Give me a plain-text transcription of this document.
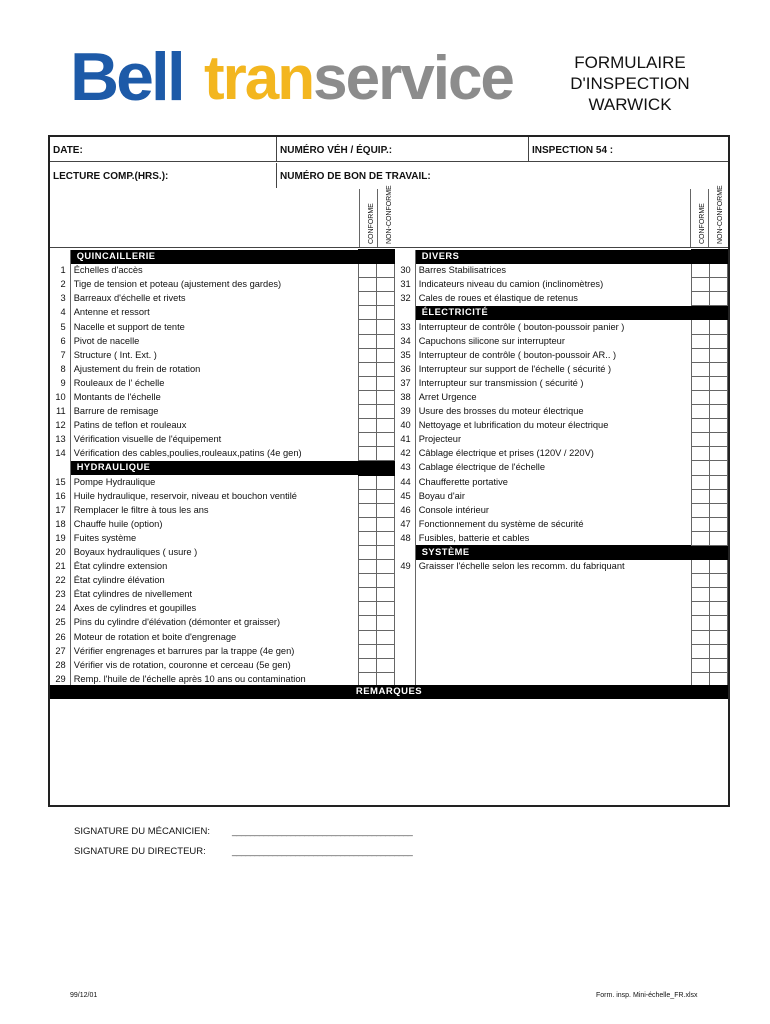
Bell transervice	FORMULAIRE
D'INSPECTION
WARWICK
DATE:	NUMÉRO VÉH / ÉQUIP.:	INSPECTION 54 :
LECTURE COMP.(HRS.):	NUMÉRO DE BON DE TRAVAIL:
CONFORME NON-CONFORME	CONFORME NON-CONFORME
	QUINCAILLERIE		
1	Échelles d'accès		
2	Tige de tension et poteau (ajustement des gardes)		
3	Barreaux d'échelle et rivets		
4	Antenne et ressort		
5	Nacelle et support de tente		
6	Pivot de nacelle		
7	Structure ( Int. Ext. )		
8	Ajustement du frein de rotation		
9	Rouleaux de l' échelle		
10	Montants de l'échelle		
11	Barrure de remisage		
12	Patins de teflon et rouleaux		
13	Vérification visuelle de l'équipement		
14	Vérification des cables,poulies,rouleaux,patins (4e gen)		
	HYDRAULIQUE		
15	Pompe Hydraulique		
16	Huile hydraulique, reservoir, niveau et bouchon ventilé		
17	Remplacer le filtre à tous les ans		
18	Chauffe huile (option)		
19	Fuites système		
20	Boyaux hydrauliques ( usure )		
21	État cylindre extension		
22	État cylindre élévation		
23	État cylindres de nivellement		
24	Axes de cylindres et goupilles		
25	Pins du cylindre d'élévation (démonter et graisser)		
26	Moteur de rotation et boite d'engrenage		
27	Vérifier engrenages et barrures par la trappe (4e gen)		
28	Vérifier vis de rotation, couronne et cerceau (5e gen)		
29	Remp. l'huile de l'échelle après 10 ans ou contamination		
	DIVERS		
30	Barres Stabilisatrices		
31	Indicateurs niveau du camion (inclinomètres)		
32	Cales de roues et élastique de retenus		
	ÉLECTRICITÉ		
33	Interrupteur de contrôle ( bouton-poussoir panier )		
34	Capuchons silicone sur interrupteur		
35	Interrupteur de contrôle ( bouton-poussoir AR.. )		
36	Interrupteur sur support de l'échelle ( sécurité )		
37	Interrupteur sur transmission ( sécurité )		
38	Arret Urgence		
39	Usure des brosses du moteur électrique		
40	Nettoyage et lubrification du moteur électrique		
41	Projecteur		
42	Câblage électrique et prises (120V / 220V)		
43	Cablage électrique de l'échelle		
44	Chaufferette portative		
45	Boyau d'air		
46	Console intérieur		
47	Fonctionnement du système de sécurité		
48	Fusibles, batterie et cables		
	SYSTÈME		
49	Graisser l'échelle selon les recomm. du fabriquant		

REMARQUES
SIGNATURE DU MÉCANICIEN: ________________________________________
SIGNATURE DU DIRECTEUR:	________________________________________
99/12/01	Form. insp. Mini-échelle_FR.xlsx
